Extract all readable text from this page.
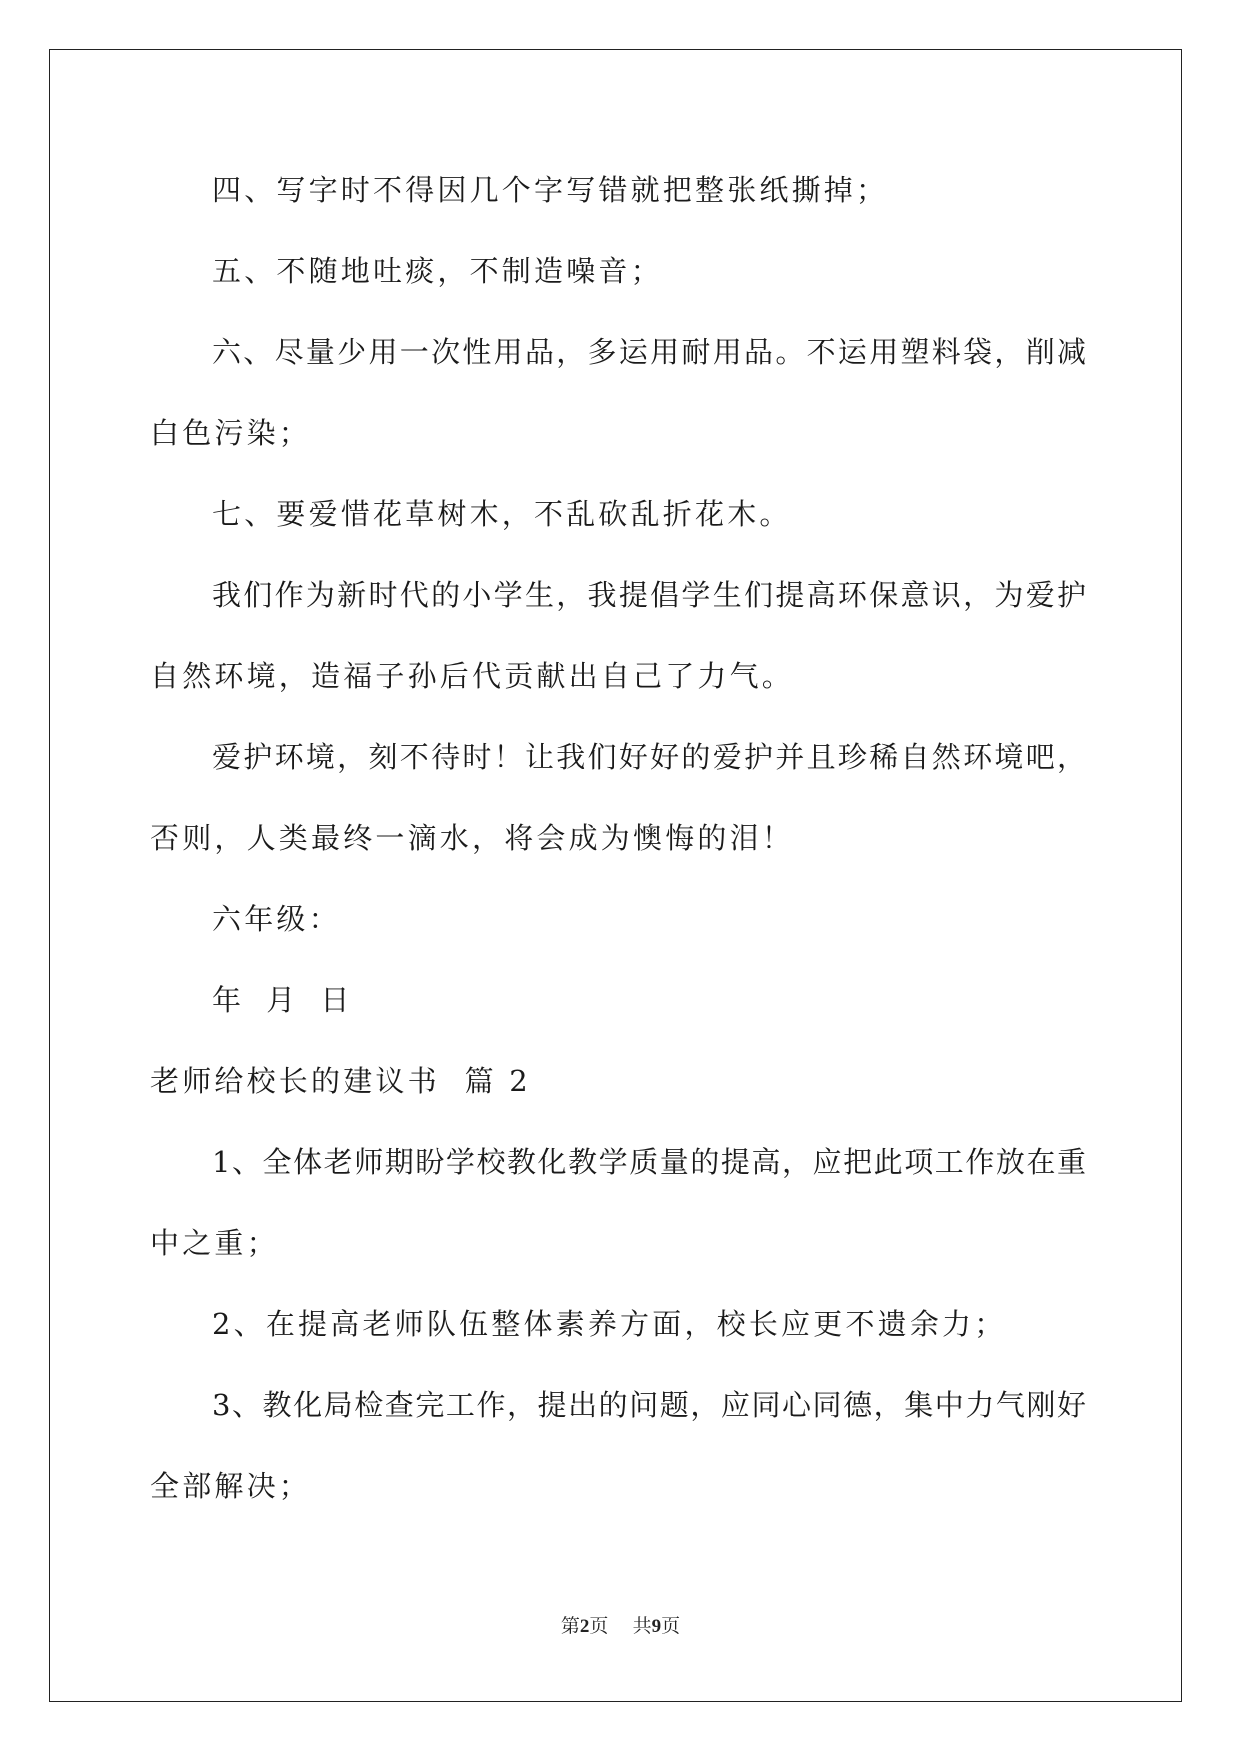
四、写字时不得因几个字写错就把整张纸撕掉；
五、不随地吐痰，不制造噪音；
六、尽量少用一次性用品，多运用耐用品。不运用塑料袋，削减
白色污染；
七、要爱惜花草树木，不乱砍乱折花木。
我们作为新时代的小学生，我提倡学生们提高环保意识，为爱护
自然环境，造福子孙后代贡献出自己了力气。
爱护环境，刻不待时！让我们好好的爱护并且珍稀自然环境吧，
否则，人类最终一滴水，将会成为懊悔的泪！
六年级：
年 月 日
老师给校长的建议书  篇 2
1、全体老师期盼学校教化教学质量的提高，应把此项工作放在重
中之重；
2、在提高老师队伍整体素养方面，校长应更不遗余力；
3、教化局检查完工作，提出的问题，应同心同德，集中力气刚好
全部解决；
第2页    共9页
